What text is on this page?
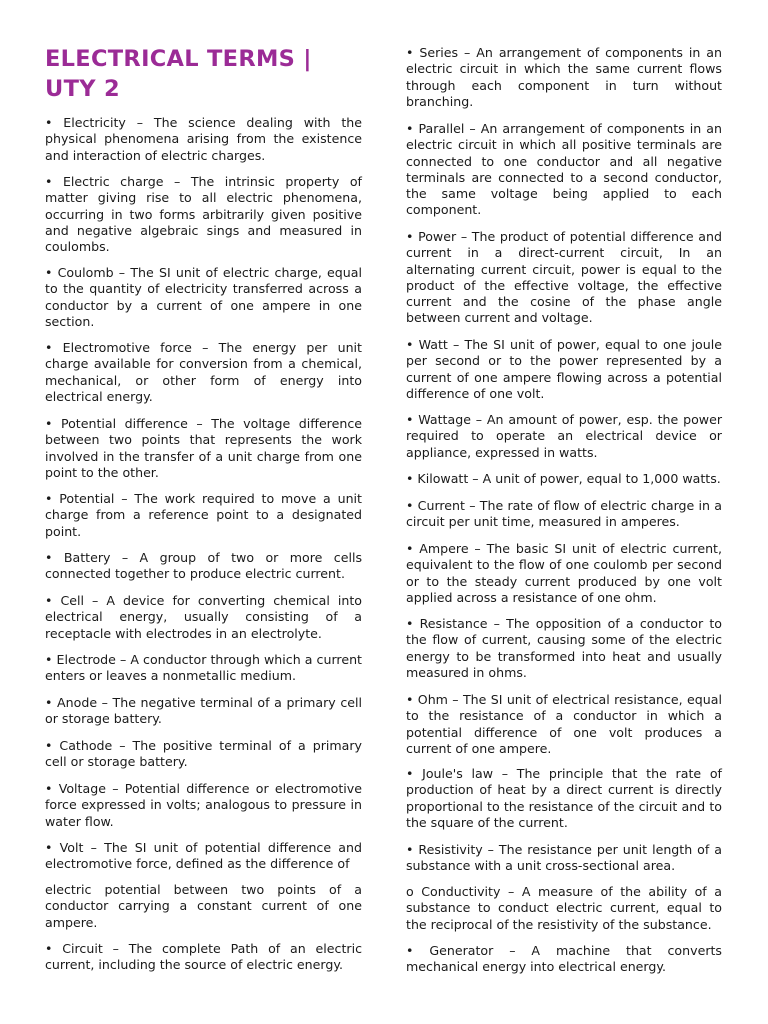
ELECTRICAL TERMS | UTY 2

• Electricity – The science dealing with the physical phenomena arising from the existence and interaction of electric charges.

• Electric charge – The intrinsic property of matter giving rise to all electric phenomena, occurring in two forms arbitrarily given positive and negative algebraic sings and measured in coulombs.

• Coulomb – The SI unit of electric charge, equal to the quantity of electricity transferred across a conductor by a current of one ampere in one section.

• Electromotive force – The energy per unit charge available for conversion from a chemical, mechanical, or other form of energy into electrical energy.

• Potential difference – The voltage difference between two points that represents the work involved in the transfer of a unit charge from one point to the other.

• Potential – The work required to move a unit charge from a reference point to a designated point.

• Battery – A group of two or more cells connected together to produce electric current.

• Cell – A device for converting chemical into electrical energy, usually consisting of a receptacle with electrodes in an electrolyte.

• Electrode – A conductor through which a current enters or leaves a nonmetallic medium.

• Anode – The negative terminal of a primary cell or storage battery.

• Cathode – The positive terminal of a primary cell or storage battery.

• Voltage – Potential difference or electromotive force expressed in volts; analogous to pressure in water flow.

• Volt – The SI unit of potential difference and electromotive force, defined as the difference of

electric potential between two points of a conductor carrying a constant current of one ampere.

• Circuit – The complete Path of an electric current, including the source of electric energy.

• Series – An arrangement of components in an electric circuit in which the same current flows through each component in turn without branching.

• Parallel – An arrangement of components in an electric circuit in which all positive terminals are connected to one conductor and all negative terminals are connected to a second conductor, the same voltage being applied to each component.

• Power – The product of potential difference and current in a direct-current circuit, In an alternating current circuit, power is equal to the product of the effective voltage, the effective current and the cosine of the phase angle between current and voltage.

• Watt – The SI unit of power, equal to one joule per second or to the power represented by a current of one ampere flowing across a potential difference of one volt.

• Wattage – An amount of power, esp. the power required to operate an electrical device or appliance, expressed in watts.

• Kilowatt – A unit of power, equal to 1,000 watts.

• Current – The rate of flow of electric charge in a circuit per unit time, measured in amperes.

• Ampere – The basic SI unit of electric current, equivalent to the flow of one coulomb per second or to the steady current produced by one volt applied across a resistance of one ohm.

• Resistance – The opposition of a conductor to the flow of current, causing some of the electric energy to be transformed into heat and usually measured in ohms.

• Ohm – The SI unit of electrical resistance, equal to the resistance of a conductor in which a potential difference of one volt produces a current of one ampere.

• Joule's law – The principle that the rate of production of heat by a direct current is directly proportional to the resistance of the circuit and to the square of the current.

• Resistivity – The resistance per unit length of a substance with a unit cross-sectional area.

o Conductivity – A measure of the ability of a substance to conduct electric current, equal to the reciprocal of the resistivity of the substance.

• Generator – A machine that converts mechanical energy into electrical energy.
